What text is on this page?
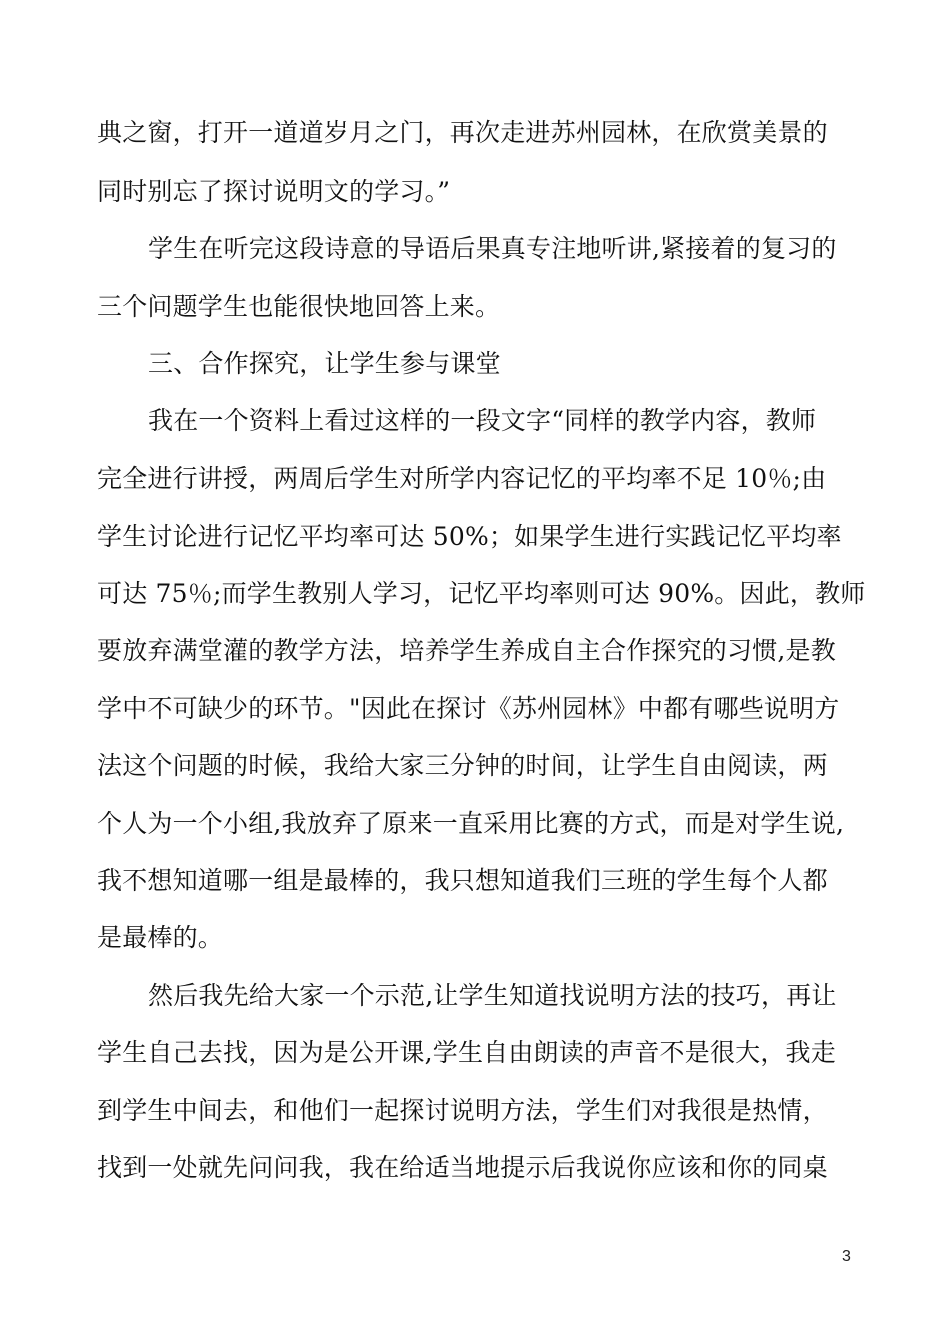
典之窗，打开一道道岁月之门，再次走进苏州园林，在欣赏美景的
同时别忘了探讨说明文的学习。”
学生在听完这段诗意的导语后果真专注地听讲,紧接着的复习的
三个问题学生也能很快地回答上来。
三、合作探究，让学生参与课堂
我在一个资料上看过这样的一段文字“同样的教学内容，教师
完全进行讲授，两周后学生对所学内容记忆的平均率不足 10％;由
学生讨论进行记忆平均率可达 50%；如果学生进行实践记忆平均率
可达 75％;而学生教别人学习，记忆平均率则可达 90%。因此，教师
要放弃满堂灌的教学方法，培养学生养成自主合作探究的习惯,是教
学中不可缺少的环节。"因此在探讨《苏州园林》中都有哪些说明方
法这个问题的时候，我给大家三分钟的时间，让学生自由阅读，两
个人为一个小组,我放弃了原来一直采用比赛的方式，而是对学生说,
我不想知道哪一组是最棒的，我只想知道我们三班的学生每个人都
是最棒的。
然后我先给大家一个示范,让学生知道找说明方法的技巧，再让
学生自己去找，因为是公开课,学生自由朗读的声音不是很大，我走
到学生中间去，和他们一起探讨说明方法，学生们对我很是热情，
找到一处就先问问我，我在给适当地提示后我说你应该和你的同桌
3
